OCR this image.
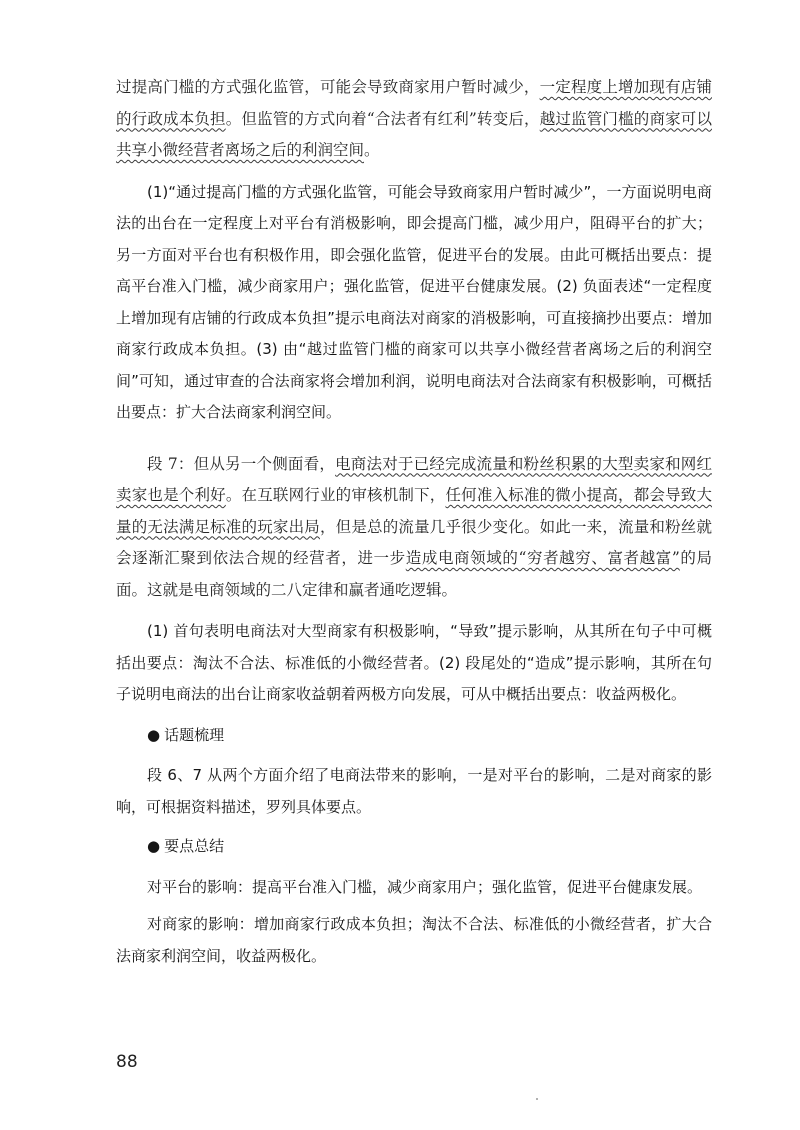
过提高门槛的方式强化监管，可能会导致商家用户暂时减少，一定程度上增加现有店铺的行政成本负担。但监管的方式向着“合法者有红利”转变后，越过监管门槛的商家可以共享小微经营者离场之后的利润空间。

(1)“通过提高门槛的方式强化监管，可能会导致商家用户暂时减少”，一方面说明电商法的出台在一定程度上对平台有消极影响，即会提高门槛，减少用户，阻碍平台的扩大；另一方面对平台也有积极作用，即会强化监管，促进平台的发展。由此可概括出要点：提高平台准入门槛，减少商家用户；强化监管，促进平台健康发展。(2) 负面表述“一定程度上增加现有店铺的行政成本负担”提示电商法对商家的消极影响，可直接摘抄出要点：增加商家行政成本负担。(3) 由“越过监管门槛的商家可以共享小微经营者离场之后的利润空间”可知，通过审查的合法商家将会增加利润，说明电商法对合法商家有积极影响，可概括出要点：扩大合法商家利润空间。

段 7：但从另一个侧面看，电商法对于已经完成流量和粉丝积累的大型卖家和网红卖家也是个利好。在互联网行业的审核机制下，任何准入标准的微小提高，都会导致大量的无法满足标准的玩家出局，但是总的流量几乎很少变化。如此一来，流量和粉丝就会逐渐汇聚到依法合规的经营者，进一步造成电商领域的“穷者越穷、富者越富”的局面。这就是电商领域的二八定律和赢者通吃逻辑。

(1) 首句表明电商法对大型商家有积极影响，“导致”提示影响，从其所在句子中可概括出要点：淘汰不合法、标准低的小微经营者。(2) 段尾处的“造成”提示影响，其所在句子说明电商法的出台让商家收益朝着两极方向发展，可从中概括出要点：收益两极化。

● 话题梳理

段 6、7 从两个方面介绍了电商法带来的影响，一是对平台的影响，二是对商家的影响，可根据资料描述，罗列具体要点。

● 要点总结

对平台的影响：提高平台准入门槛，减少商家用户；强化监管，促进平台健康发展。

对商家的影响：增加商家行政成本负担；淘汰不合法、标准低的小微经营者，扩大合法商家利润空间，收益两极化。

88
